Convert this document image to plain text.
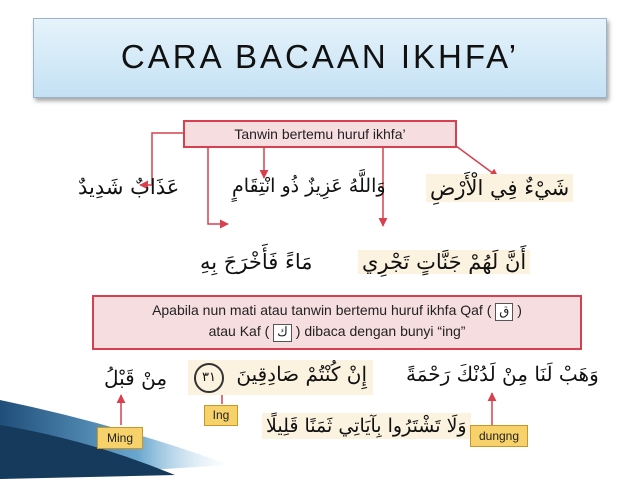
CARA BACAAN IKHFA’
Tanwin bertemu huruf ikhfa’
عَذَابٌ شَدِيدٌ	وَاللَّهُ عَزِيزٌ ذُو انْتِقَامٍ شَيْءٌ فِي الْأَرْضِ
مَاءً فَأَخْرَجَ بِهِ أَنَّ لَهُمْ جَنَّاتٍ تَجْرِي
Apabila nun mati atau tanwin bertemu huruf ikhfa Qaf ( ق )
atau Kaf ( ك ) dibaca dengan bunyi “ing”
مِنْ قَبْلُ	إِنْ كُنْتُمْ صَادِقِينَ ٣١	وَهَبْ لَنَا مِنْ لَدُنْكَ رَحْمَةً
وَلَا تَشْتَرُوا بِآيَاتِي ثَمَنًا قَلِيلًا
Ming
Ing
dungng
